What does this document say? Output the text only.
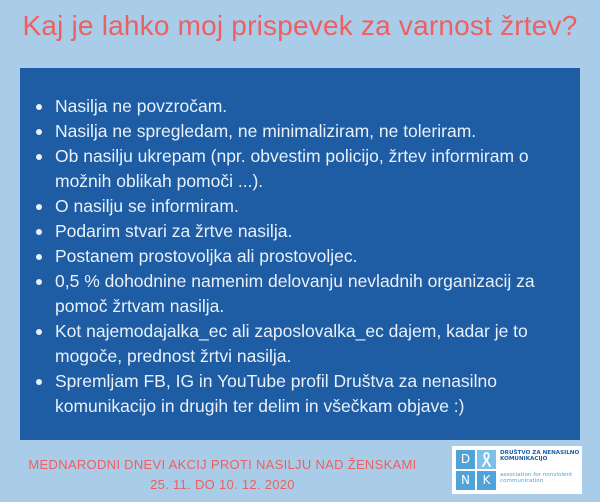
Kaj je lahko moj prispevek za varnost žrtev?
Nasilja ne povzročam.
Nasilja ne spregledam, ne minimaliziram, ne toleriram.
Ob nasilju ukrepam (npr. obvestim policijo, žrtev informiram o možnih oblikah pomoči ...).
O nasilju se informiram.
Podarim stvari za žrtve nasilja.
Postanem prostovoljka ali prostovoljec.
0,5 % dohodnine namenim delovanju nevladnih organizacij za pomoč žrtvam nasilja.
Kot najemodajalka_ec ali zaposlovalka_ec dajem, kadar je to mogoče, prednost žrtvi nasilja.
Spremljam FB, IG in YouTube profil Društva za nenasilno komunikacijo in drugih ter delim in všečkam objave :)
MEDNARODNI DNEVI AKCIJ PROTI NASILJU NAD ŽENSKAMI
25. 11. DO 10. 12. 2020
D
N	K
DRUŠTVO ZA NENASILNO KOMUNIKACIJO
association for nonviolent communication
